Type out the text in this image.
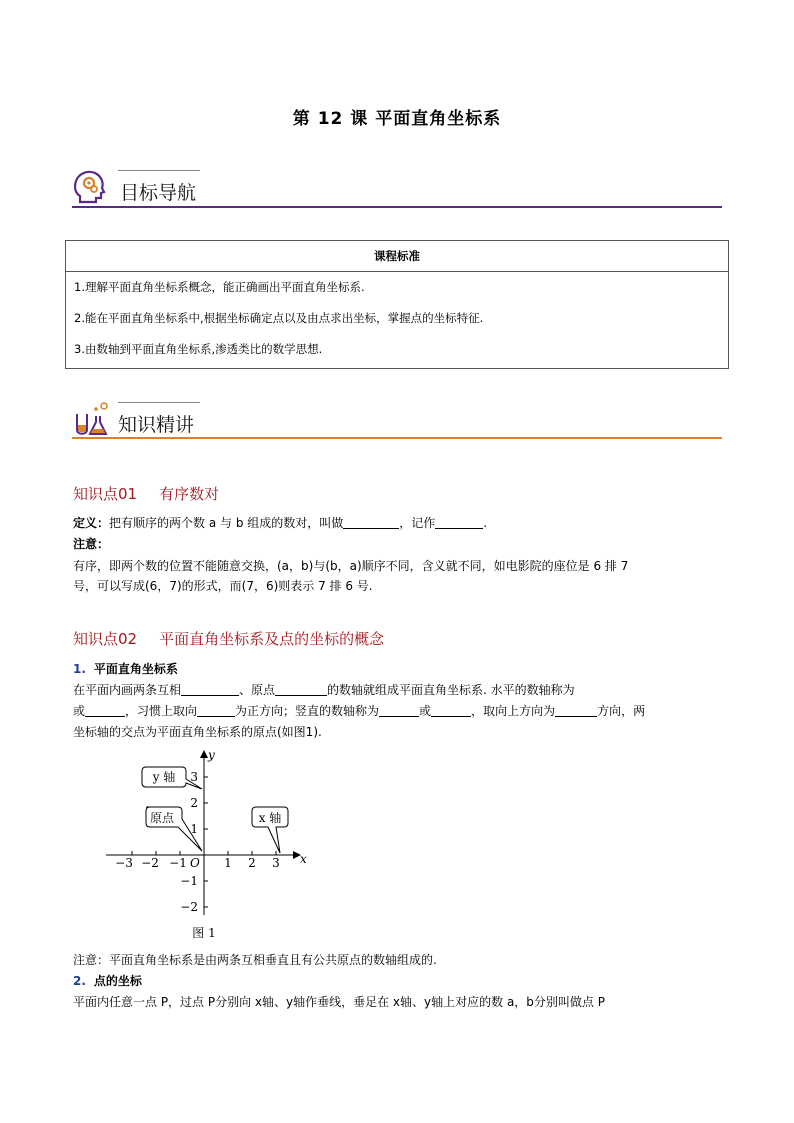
第 12 课 平面直角坐标系
目标导航
课程标准

1.理解平面直角坐标系概念，能正确画出平面直角坐标系.
2.能在平面直角坐标系中,根据坐标确定点以及由点求出坐标，掌握点的坐标特征.
3.由数轴到平面直角坐标系,渗透类比的数学思想.
知识精讲
知识点01 有序数对
定义：把有顺序的两个数 a 与 b 组成的数对，叫做	，记作	.
注意：
有序，即两个数的位置不能随意交换，(a，b)与(b，a)顺序不同，含义就不同，如电影院的座位是 6 排 7
号，可以写成(6，7)的形式，而(7，6)则表示 7 排 6 号.
知识点02 平面直角坐标系及点的坐标的概念
1. 平面直角坐标系
在平面内画两条互相	、原点	的数轴就组成平面直角坐标系. 水平的数轴称为
或	，习惯上取向	为正方向；竖直的数轴称为	或	，取向上方向为	方向，两
坐标轴的交点为平面直角坐标系的原点(如图1).
−3 −2 −1	1 2 3
3
2
1
−1
−2
O	x
y
y 轴
原点	x 轴
图 1
注意：平面直角坐标系是由两条互相垂直且有公共原点的数轴组成的.
2. 点的坐标
平面内任意一点 P，过点 P分别向 x轴、y轴作垂线，垂足在 x轴、y轴上对应的数 a，b分别叫做点 P
